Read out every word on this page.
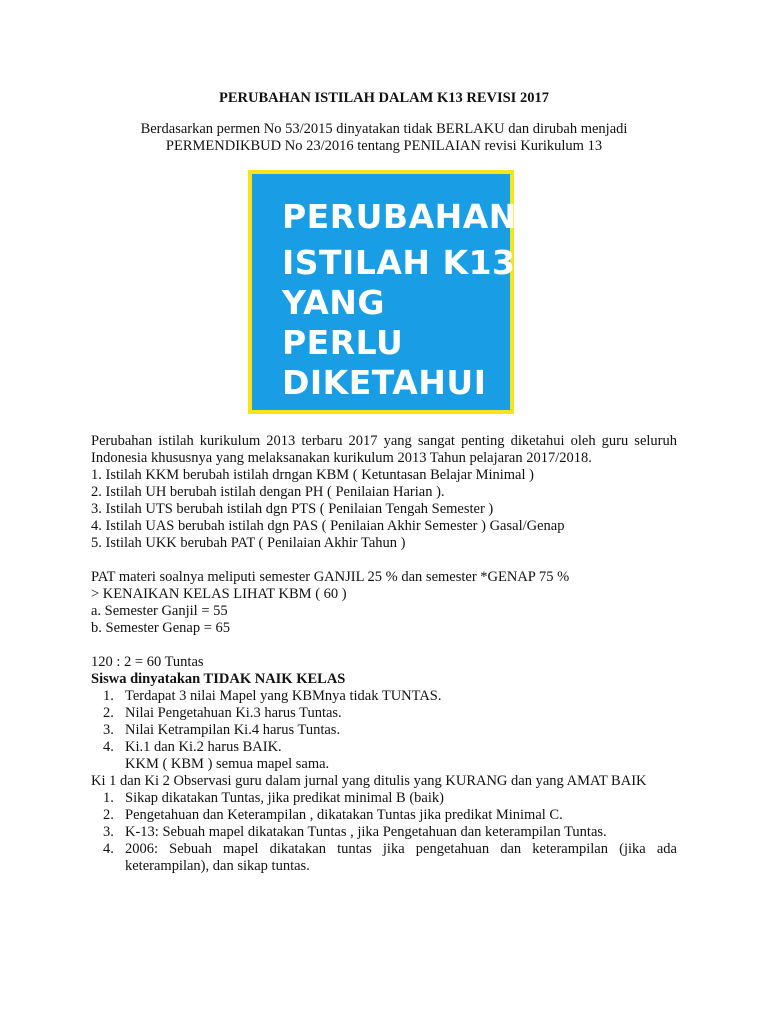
PERUBAHAN ISTILAH DALAM K13 REVISI 2017
Berdasarkan permen No 53/2015 dinyatakan tidak BERLAKU dan dirubah menjadi
PERMENDIKBUD No 23/2016 tentang PENILAIAN revisi Kurikulum 13
PERUBAHAN
ISTILAH K13
YANG
PERLU
DIKETAHUI
Perubahan istilah kurikulum 2013 terbaru 2017 yang sangat penting diketahui oleh guru seluruh Indonesia khususnya yang melaksanakan kurikulum 2013 Tahun pelajaran 2017/2018.
1. Istilah KKM berubah istilah drngan KBM ( Ketuntasan Belajar Minimal )
2. Istilah UH berubah istilah dengan PH ( Penilaian Harian ).
3. Istilah UTS berubah istilah dgn PTS ( Penilaian Tengah Semester )
4. Istilah UAS berubah istilah dgn PAS ( Penilaian Akhir Semester ) Gasal/Genap
5. Istilah UKK berubah PAT ( Penilaian Akhir Tahun )
PAT materi soalnya meliputi semester GANJIL 25 % dan semester *GENAP 75 %
> KENAIKAN KELAS LIHAT KBM ( 60 )
a. Semester Ganjil = 55
b. Semester Genap = 65
120 : 2 = 60 Tuntas
Siswa dinyatakan TIDAK NAIK KELAS
1. Terdapat 3 nilai Mapel yang KBMnya tidak TUNTAS.
2. Nilai Pengetahuan Ki.3 harus Tuntas.
3. Nilai Ketrampilan Ki.4 harus Tuntas.
4. Ki.1 dan Ki.2 harus BAIK.
KKM ( KBM ) semua mapel sama.
Ki 1 dan Ki 2 Observasi guru dalam jurnal yang ditulis yang KURANG dan yang AMAT BAIK
1. Sikap dikatakan Tuntas, jika predikat minimal B (baik)
2. Pengetahuan dan Keterampilan , dikatakan Tuntas jika predikat Minimal C.
3. K-13: Sebuah mapel dikatakan Tuntas , jika Pengetahuan dan keterampilan Tuntas.
4. 2006: Sebuah mapel dikatakan tuntas jika pengetahuan dan keterampilan (jika ada keterampilan), dan sikap tuntas.
